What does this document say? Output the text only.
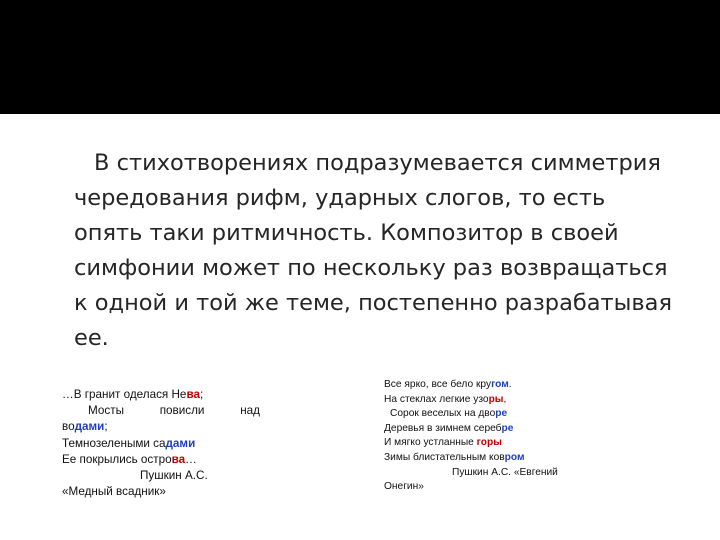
В стихотворениях подразумевается симметрия
чередования рифм, ударных слогов, то есть
опять таки ритмичность. Композитор в своей
симфонии может по нескольку раз возвращаться
к одной и той же теме, постепенно разрабатывая
ее.
…В гранит оделася Нева;
Мосты	повисли	над
водами;
Темнозелеными садами
Ее покрылись острова…
Пушкин А.С.
«Медный всадник»
Все ярко, все бело кругом.
На стеклах легкие узоры,
Сорок веселых на дворе
Деревья в зимнем серебре
И мягко устланные горы
Зимы блистательным ковром
Пушкин А.С. «Евгений
Онегин»
